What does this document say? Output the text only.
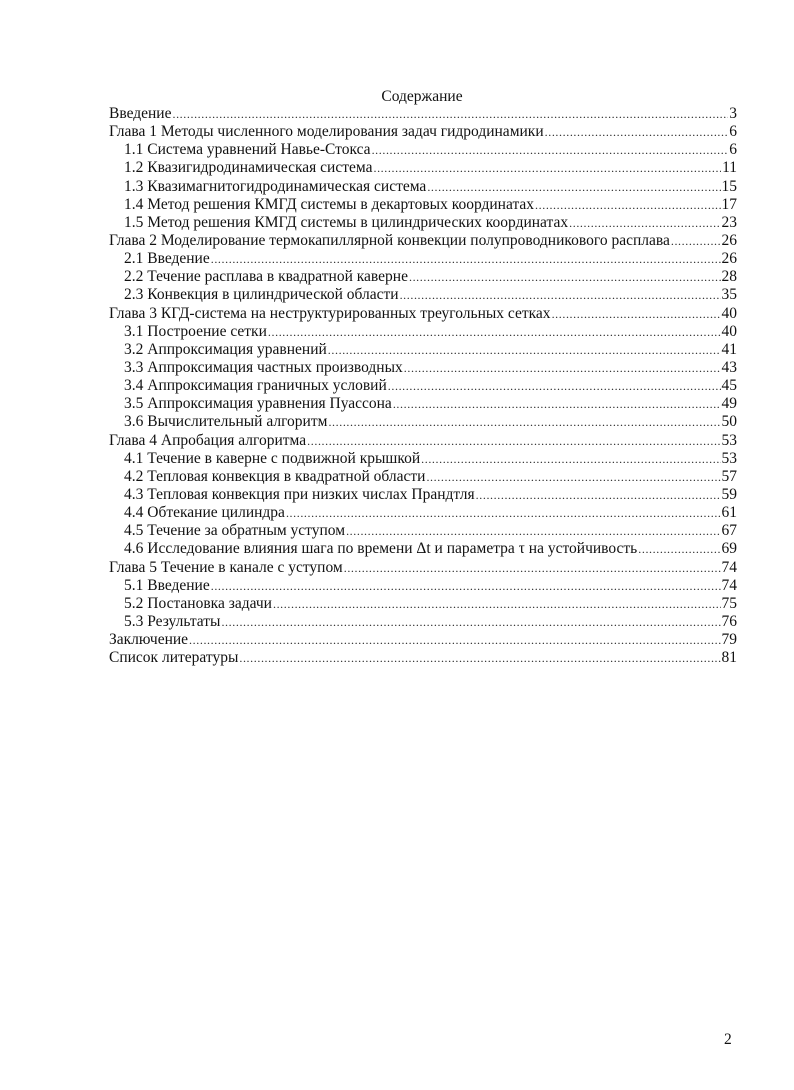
Содержание
Введение .....	3
Глава 1 Методы численного моделирования задач гидродинамики .....	6
1.1 Система уравнений Навье-Стокса .....	6
1.2 Квазигидродинамическая система .....	11
1.3 Квазимагнитогидродинамическая система .....	15
1.4 Метод решения КМГД системы в декартовых координатах .....	17
1.5 Метод решения КМГД системы в цилиндрических координатах .....	23
Глава 2 Моделирование термокапиллярной конвекции полупроводникового расплава .....	26
2.1 Введение .....	26
2.2 Течение расплава в квадратной каверне .....	28
2.3 Конвекция в цилиндрической области .....	35
Глава 3 КГД-система на неструктурированных треугольных сетках .....	40
3.1 Построение сетки .....	40
3.2 Аппроксимация уравнений .....	41
3.3 Аппроксимация частных производных .....	43
3.4 Аппроксимация граничных условий .....	45
3.5 Аппроксимация уравнения Пуассона .....	49
3.6 Вычислительный алгоритм .....	50
Глава 4 Апробация алгоритма .....	53
4.1 Течение в каверне с подвижной крышкой .....	53
4.2 Тепловая конвекция в квадратной области .....	57
4.3 Тепловая конвекция при низких числах Прандтля .....	59
4.4 Обтекание цилиндра .....	61
4.5 Течение за обратным уступом .....	67
4.6 Исследование влияния шага по времени Δt и параметра τ на устойчивость .....	69
Глава 5 Течение в канале с уступом .....	74
5.1 Введение .....	74
5.2 Постановка задачи .....	75
5.3 Результаты .....	76
Заключение .....	79
Список литературы .....	81
2
